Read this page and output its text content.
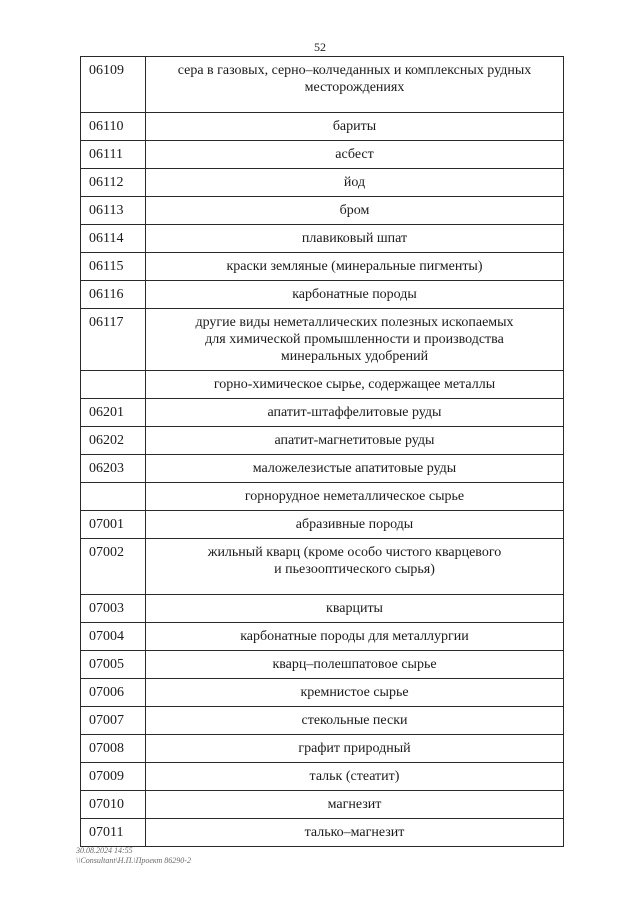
52
06109	сера в газовых, серно–колчеданных и комплексных рудных
месторождениях
06110	бариты
06111	асбест
06112	йод
06113	бром
06114	плавиковый шпат
06115	краски земляные (минеральные пигменты)
06116	карбонатные породы
06117	другие виды неметаллических полезных ископаемых
для химической промышленности и производства
минеральных удобрений
	горно-химическое сырье, содержащее металлы
06201	апатит-штаффелитовые руды
06202	апатит-магнетитовые руды
06203	маложелезистые апатитовые руды
	горнорудное неметаллическое сырье
07001	абразивные породы
07002	жильный кварц (кроме особо чистого кварцевого
и пьезооптического сырья)
07003	кварциты
07004	карбонатные породы для металлургии
07005	кварц–полешпатовое сырье
07006	кремнистое сырье
07007	стекольные пески
07008	графит природный
07009	тальк (стеатит)
07010	магнезит
07011	талько–магнезит
30.08.2024 14:55
\\Consultant\Н.П.\Проект 86290-2
